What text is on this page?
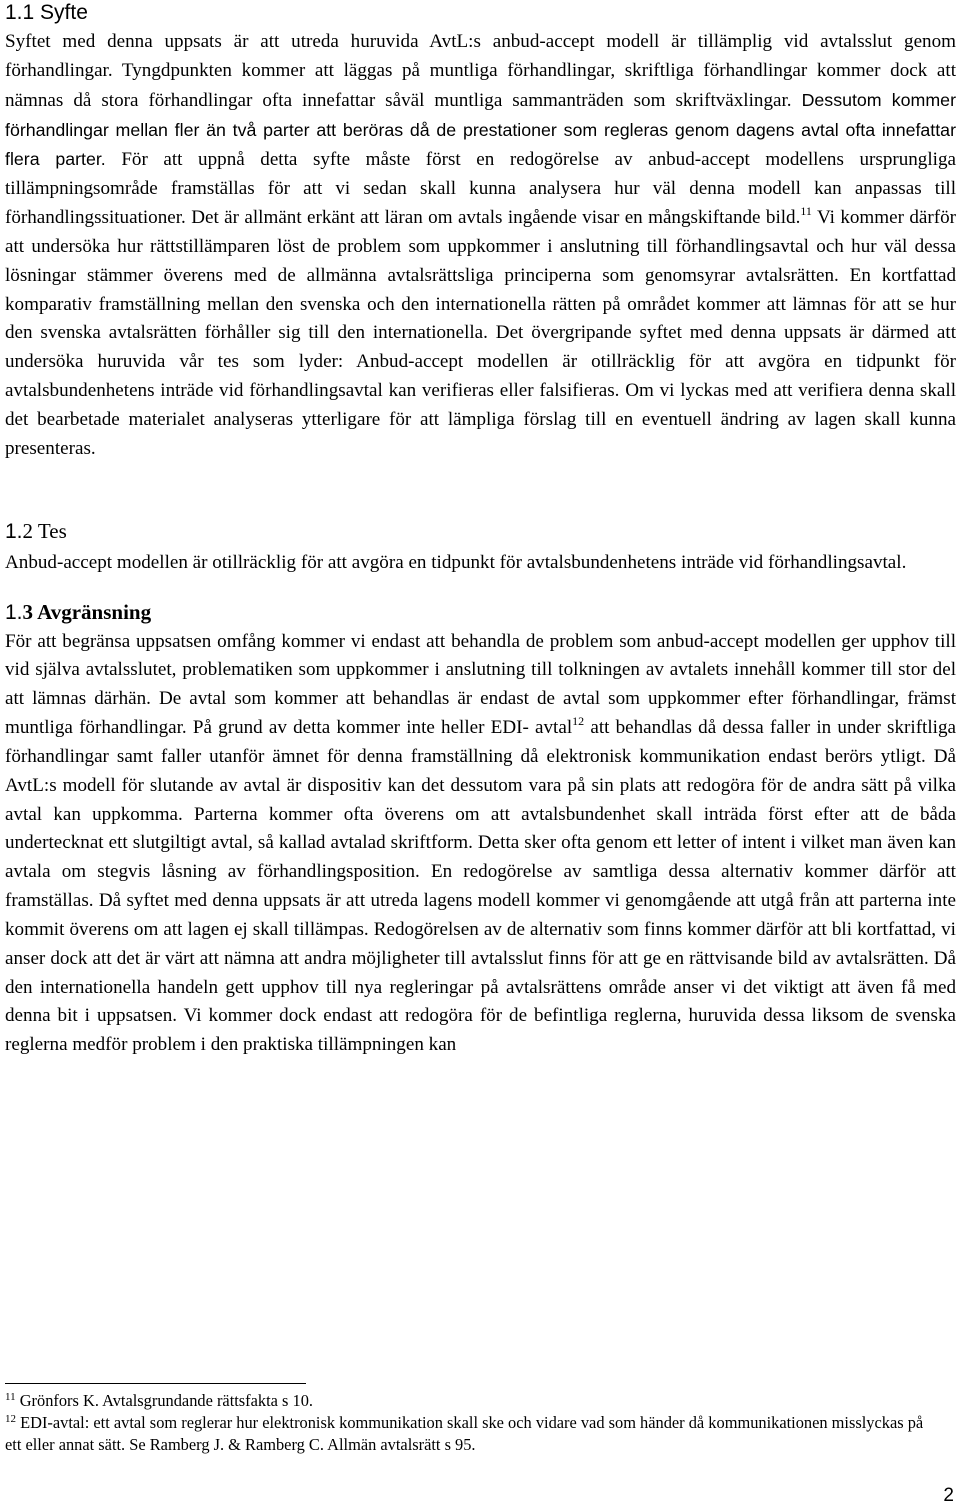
1.1 Syfte

Syftet med denna uppsats är att utreda huruvida AvtL:s anbud-accept modell är tillämplig vid avtalsslut genom förhandlingar. Tyngdpunkten kommer att läggas på muntliga förhandlingar, skriftliga förhandlingar kommer dock att nämnas då stora förhandlingar ofta innefattar såväl muntliga sammanträden som skriftväxlingar. Dessutom kommer förhandlingar mellan fler än två parter att beröras då de prestationer som regleras genom dagens avtal ofta innefattar flera parter. För att uppnå detta syfte måste först en redogörelse av anbud-accept modellens ursprungliga tillämpningsområde framställas för att vi sedan skall kunna analysera hur väl denna modell kan anpassas till förhandlingssituationer. Det är allmänt erkänt att läran om avtals ingående visar en mångskiftande bild.$^{11}$ Vi kommer därför att undersöka hur rättstillämparen löst de problem som uppkommer i anslutning till förhandlingsavtal och hur väl dessa lösningar stämmer överens med de allmänna avtalsrättsliga principerna som genomsyrar avtalsrätten. En kortfattad komparativ framställning mellan den svenska och den internationella rätten på området kommer att lämnas för att se hur den svenska avtalsrätten förhåller sig till den internationella. Det övergripande syftet med denna uppsats är därmed att undersöka huruvida vår tes som lyder: Anbud-accept modellen är otillräcklig för att avgöra en tidpunkt för avtalsbundenhetens inträde vid förhandlingsavtal kan verifieras eller falsifieras. Om vi lyckas med att verifiera denna skall det bearbetade materialet analyseras ytterligare för att lämpliga förslag till en eventuell ändring av lagen skall kunna presenteras.

1.2 Tes

Anbud-accept modellen är otillräcklig för att avgöra en tidpunkt för avtalsbundenhetens inträde vid förhandlingsavtal.

1.3 Avgränsning

För att begränsa uppsatsen omfång kommer vi endast att behandla de problem som anbud-accept modellen ger upphov till vid själva avtalsslutet, problematiken som uppkommer i anslutning till tolkningen av avtalets innehåll kommer till stor del att lämnas därhän. De avtal som kommer att behandlas är endast de avtal som uppkommer efter förhandlingar, främst muntliga förhandlingar. På grund av detta kommer inte heller EDI- avtal$^{12}$ att behandlas då dessa faller in under skriftliga förhandlingar samt faller utanför ämnet för denna framställning då elektronisk kommunikation endast berörs ytligt. Då AvtL:s modell för slutande av avtal är dispositiv kan det dessutom vara på sin plats att redogöra för de andra sätt på vilka avtal kan uppkomma. Parterna kommer ofta överens om att avtalsbundenhet skall inträda först efter att de båda undertecknat ett slutgiltigt avtal, så kallad avtalad skriftform. Detta sker ofta genom ett letter of intent i vilket man även kan avtala om stegvis låsning av förhandlingsposition. En redogörelse av samtliga dessa alternativ kommer därför att framställas. Då syftet med denna uppsats är att utreda lagens modell kommer vi genomgående att utgå från att parterna inte kommit överens om att lagen ej skall tillämpas. Redogörelsen av de alternativ som finns kommer därför att bli kortfattad, vi anser dock att det är värt att nämna att andra möjligheter till avtalsslut finns för att ge en rättvisande bild av avtalsrätten. Då den internationella handeln gett upphov till nya regleringar på avtalsrättens område anser vi det viktigt att även få med denna bit i uppsatsen. Vi kommer dock endast att redogöra för de befintliga reglerna, huruvida dessa liksom de svenska reglerna medför problem i den praktiska tillämpningen kan

$^{11}$ Grönfors K. Avtalsgrundande rättsfakta s 10.
$^{12}$ EDI-avtal: ett avtal som reglerar hur elektronisk kommunikation skall ske och vidare vad som händer då kommunikationen misslyckas på ett eller annat sätt. Se Ramberg J. & Ramberg C. Allmän avtalsrätt s 95.
2
